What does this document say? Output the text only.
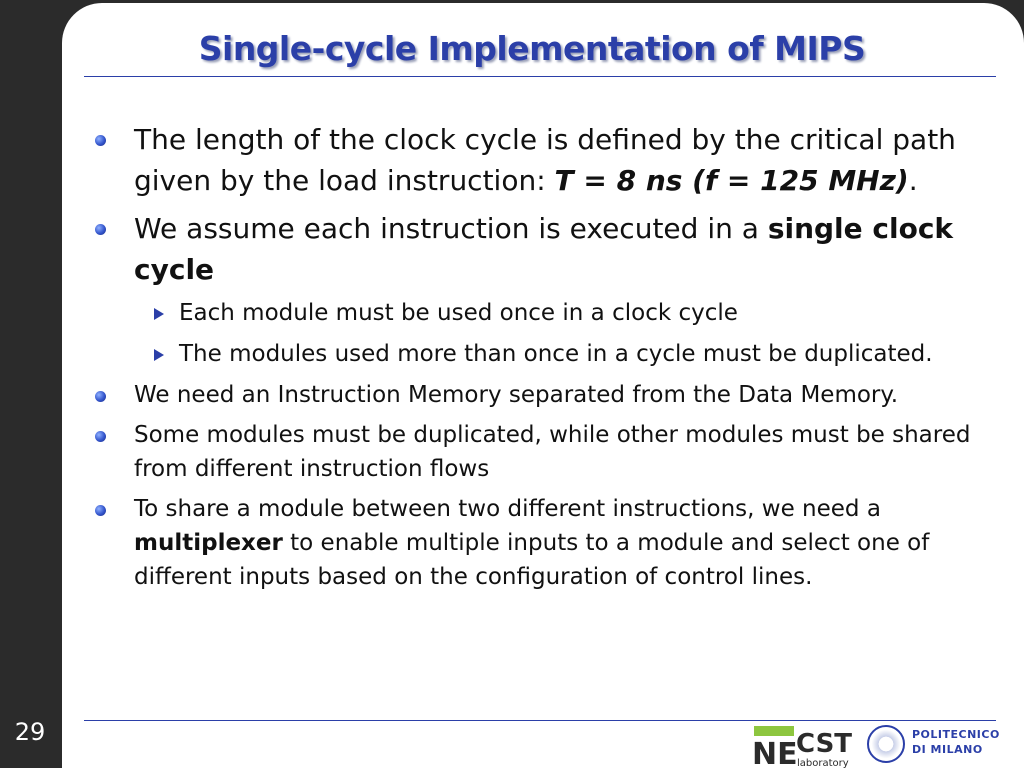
29
Single-cycle Implementation of MIPS
The length of the clock cycle is defined by the critical path given by the load instruction: T = 8 ns (f = 125 MHz).
We assume each instruction is executed in a single clock cycle
Each module must be used once in a clock cycle
The modules used more than once in a cycle must be duplicated.
We need an Instruction Memory separated from the Data Memory.
Some modules must be duplicated, while other modules must be shared from different instruction flows
To share a module between two different instructions, we need a multiplexer to enable multiple inputs to a module and select one of different inputs based on the configuration of control lines.
NE
CST
laboratory
POLITECNICO
DI MILANO
